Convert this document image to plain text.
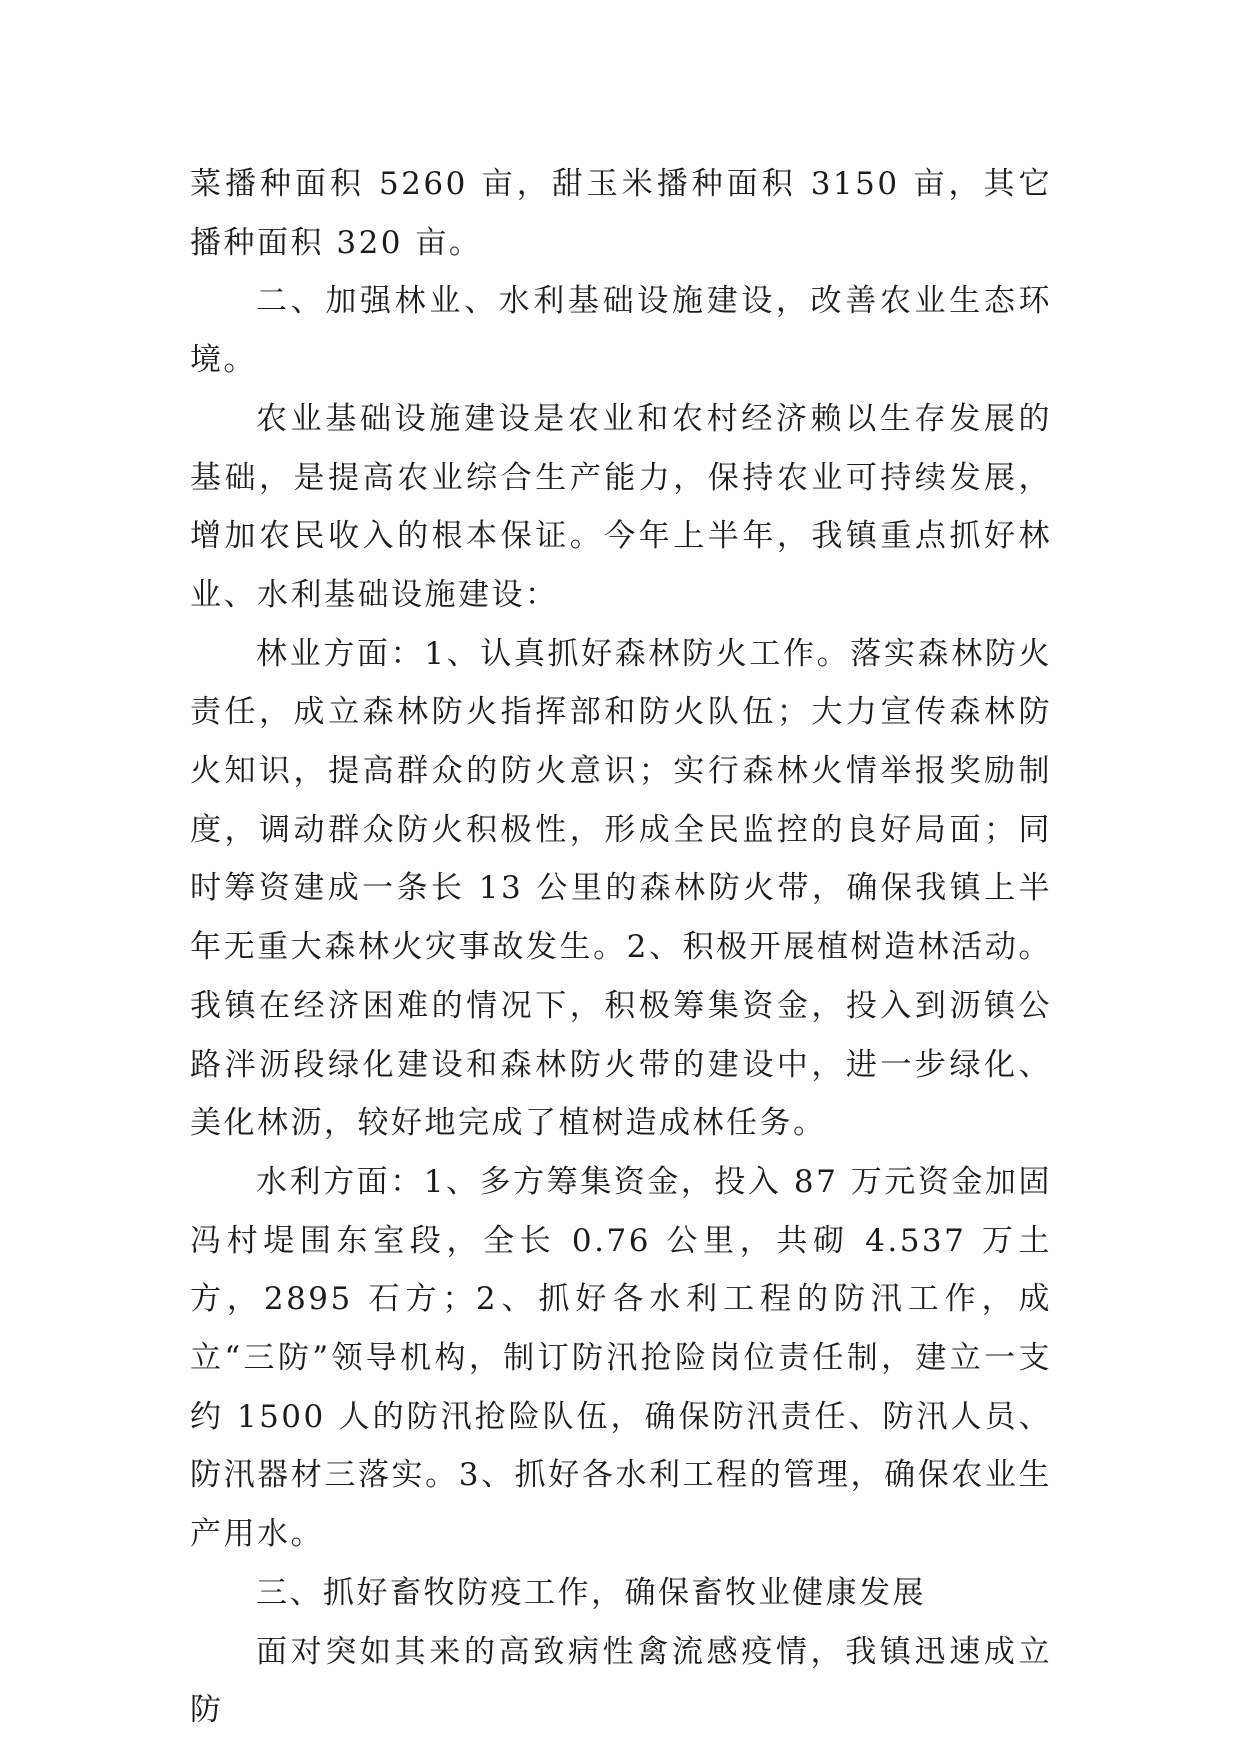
菜播种面积 5260 亩，甜玉米播种面积 3150 亩，其它播种面积 320 亩。

二、加强林业、水利基础设施建设，改善农业生态环境。

农业基础设施建设是农业和农村经济赖以生存发展的基础，是提高农业综合生产能力，保持农业可持续发展，增加农民收入的根本保证。今年上半年，我镇重点抓好林业、水利基础设施建设：

林业方面：1、认真抓好森林防火工作。落实森林防火责任，成立森林防火指挥部和防火队伍；大力宣传森林防火知识，提高群众的防火意识；实行森林火情举报奖励制度，调动群众防火积极性，形成全民监控的良好局面；同时筹资建成一条长 13 公里的森林防火带，确保我镇上半年无重大森林火灾事故发生。2、积极开展植树造林活动。我镇在经济困难的情况下，积极筹集资金，投入到沥镇公路泮沥段绿化建设和森林防火带的建设中，进一步绿化、美化林沥，较好地完成了植树造成林任务。

水利方面：1、多方筹集资金，投入 87 万元资金加固冯村堤围东室段，全长 0.76 公里，共砌 4.537 万土方，2895 石方；2、抓好各水利工程的防汛工作，成立“三防”领导机构，制订防汛抢险岗位责任制，建立一支约 1500 人的防汛抢险队伍，确保防汛责任、防汛人员、防汛器材三落实。3、抓好各水利工程的管理，确保农业生产用水。

三、抓好畜牧防疫工作，确保畜牧业健康发展

面对突如其来的高致病性禽流感疫情，我镇迅速成立防
